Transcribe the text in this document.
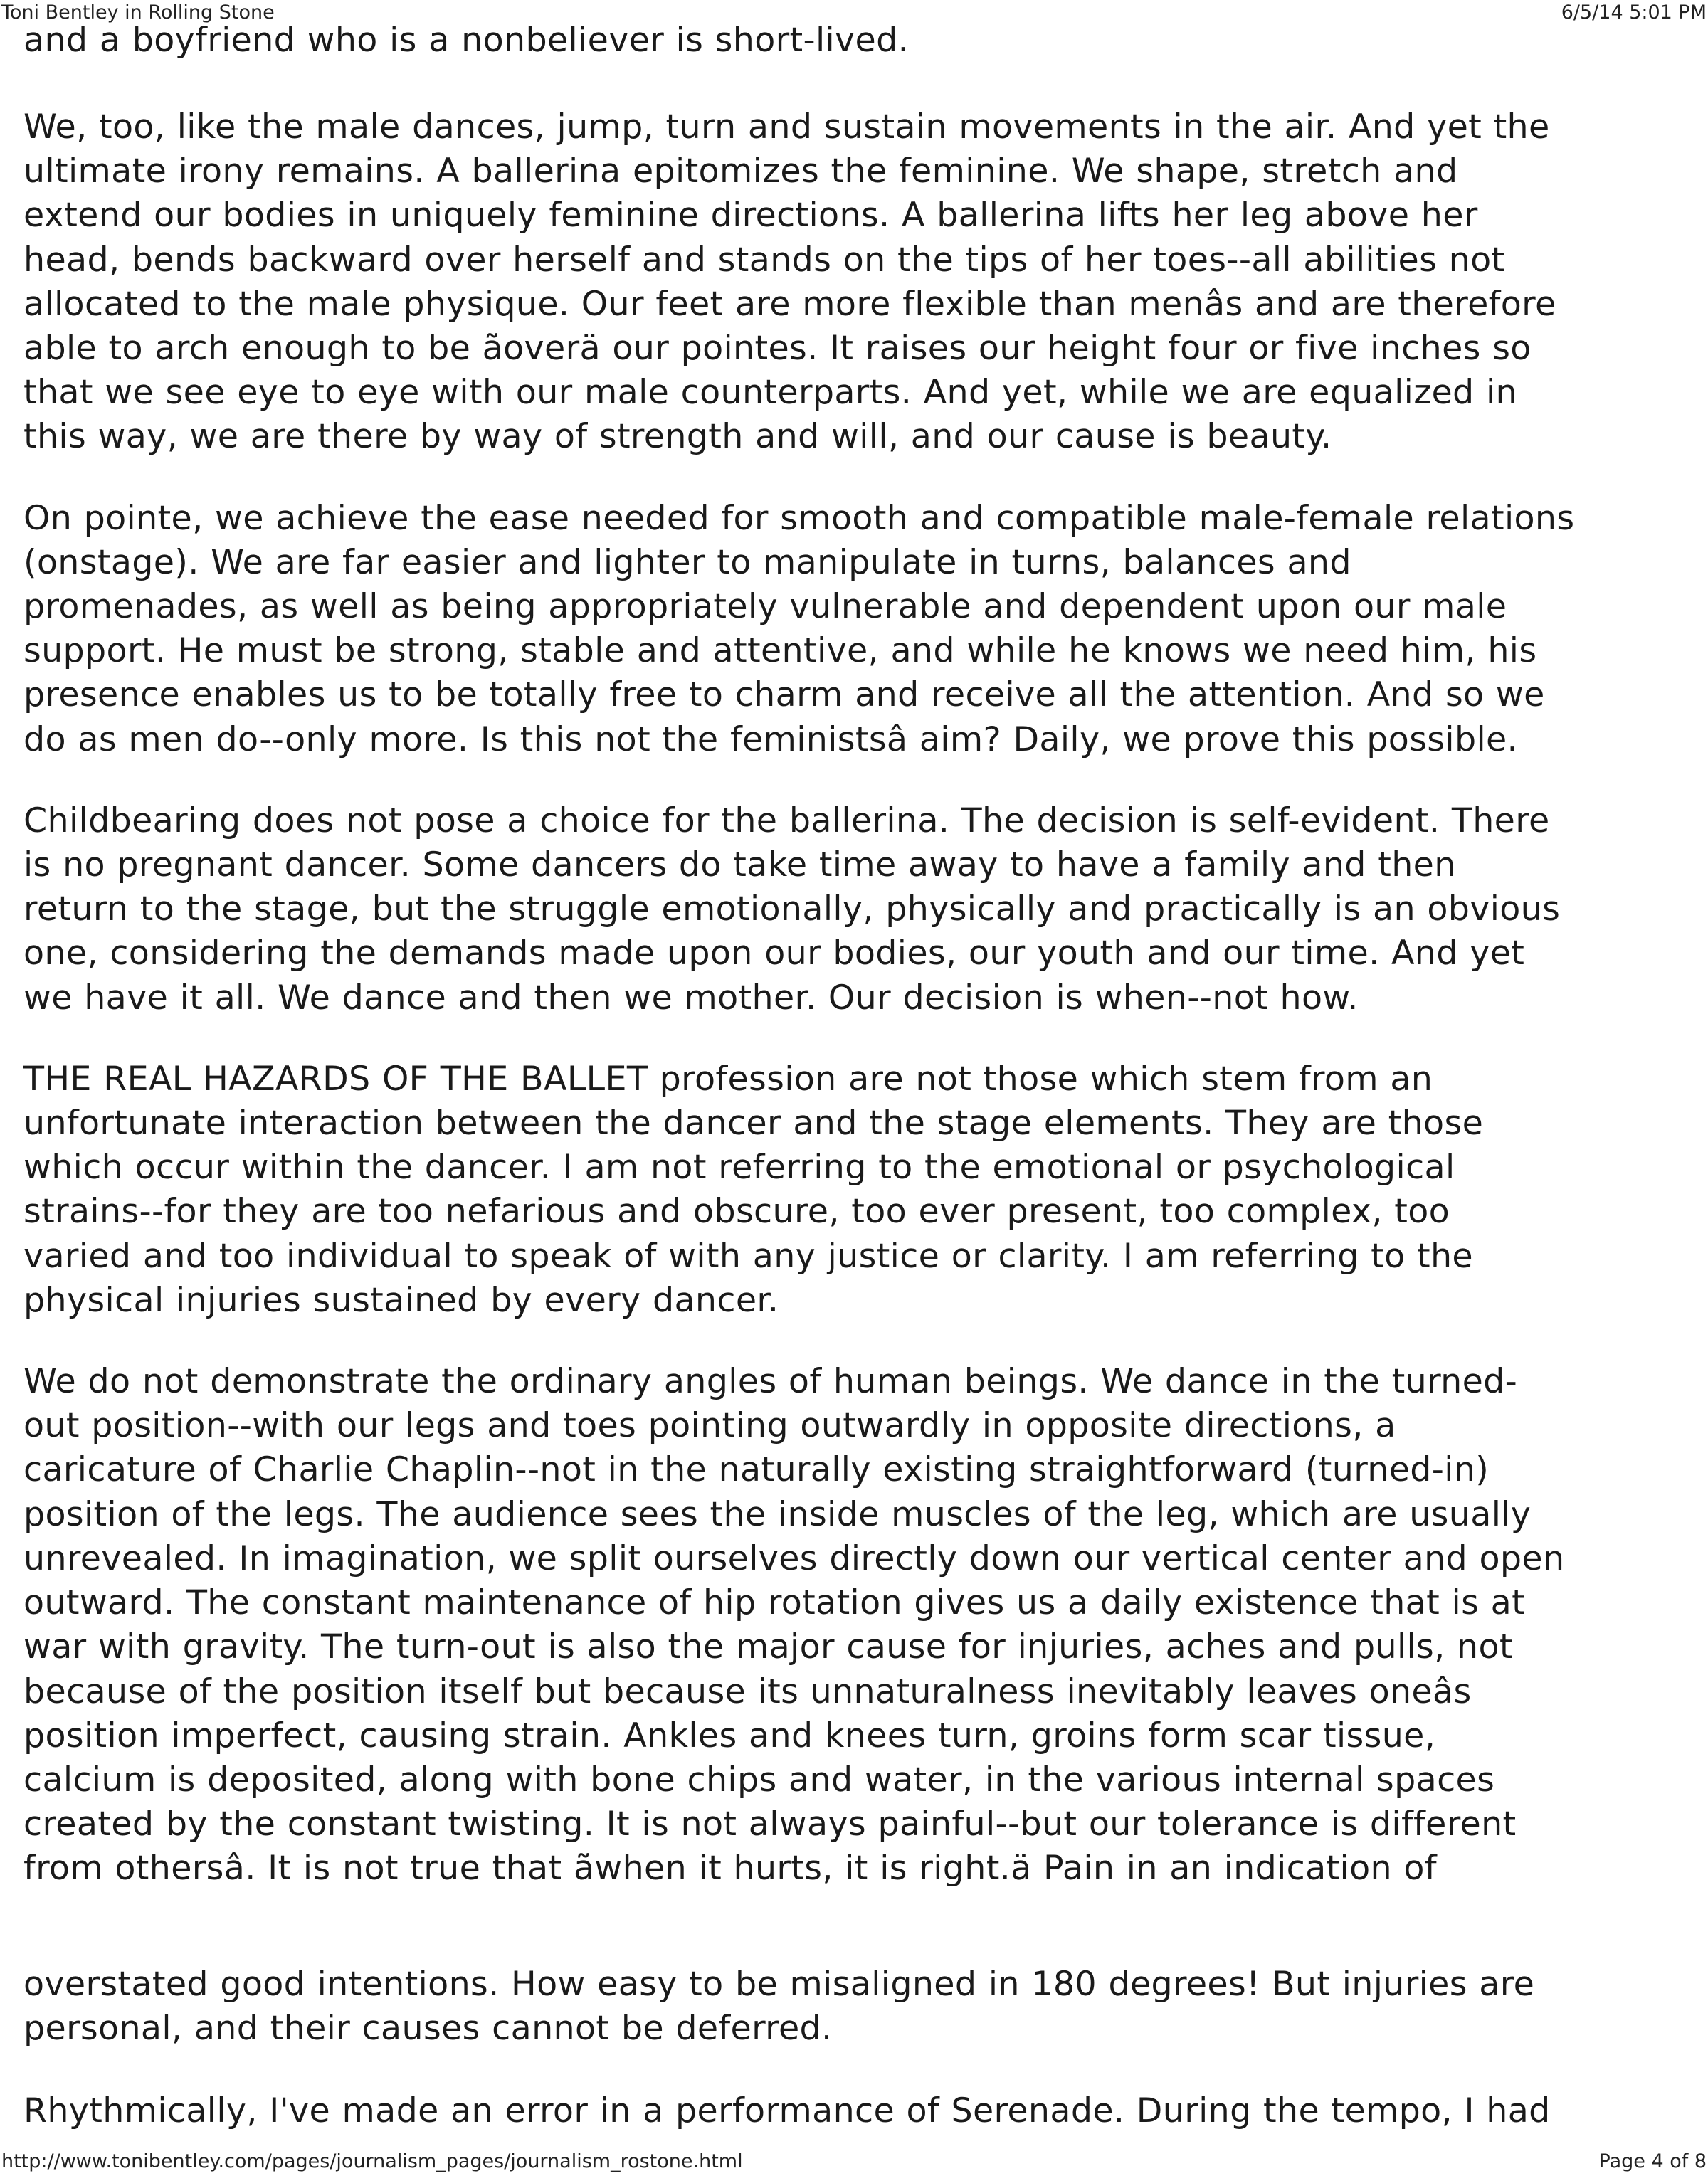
Toni Bentley in Rolling Stone	6/5/14 5:01 PM

and a boyfriend who is a nonbeliever is short-lived.

We, too, like the male dances, jump, turn and sustain movements in the air. And yet the
ultimate irony remains. A ballerina epitomizes the feminine. We shape, stretch and
extend our bodies in uniquely feminine directions. A ballerina lifts her leg above her
head, bends backward over herself and stands on the tips of her toes--all abilities not
allocated to the male physique. Our feet are more flexible than menâs and are therefore
able to arch enough to be ãoverä our pointes. It raises our height four or five inches so
that we see eye to eye with our male counterparts. And yet, while we are equalized in
this way, we are there by way of strength and will, and our cause is beauty.

On pointe, we achieve the ease needed for smooth and compatible male-female relations
(onstage). We are far easier and lighter to manipulate in turns, balances and
promenades, as well as being appropriately vulnerable and dependent upon our male
support. He must be strong, stable and attentive, and while he knows we need him, his
presence enables us to be totally free to charm and receive all the attention. And so we
do as men do--only more. Is this not the feministsâ aim? Daily, we prove this possible.

Childbearing does not pose a choice for the ballerina. The decision is self-evident. There
is no pregnant dancer. Some dancers do take time away to have a family and then
return to the stage, but the struggle emotionally, physically and practically is an obvious
one, considering the demands made upon our bodies, our youth and our time. And yet
we have it all. We dance and then we mother. Our decision is when--not how.

THE REAL HAZARDS OF THE BALLET profession are not those which stem from an
unfortunate interaction between the dancer and the stage elements. They are those
which occur within the dancer. I am not referring to the emotional or psychological
strains--for they are too nefarious and obscure, too ever present, too complex, too
varied and too individual to speak of with any justice or clarity. I am referring to the
physical injuries sustained by every dancer.

We do not demonstrate the ordinary angles of human beings. We dance in the turned-
out position--with our legs and toes pointing outwardly in opposite directions, a
caricature of Charlie Chaplin--not in the naturally existing straightforward (turned-in)
position of the legs. The audience sees the inside muscles of the leg, which are usually
unrevealed. In imagination, we split ourselves directly down our vertical center and open
outward. The constant maintenance of hip rotation gives us a daily existence that is at
war with gravity. The turn-out is also the major cause for injuries, aches and pulls, not
because of the position itself but because its unnaturalness inevitably leaves oneâs
position imperfect, causing strain. Ankles and knees turn, groins form scar tissue,
calcium is deposited, along with bone chips and water, in the various internal spaces
created by the constant twisting. It is not always painful--but our tolerance is different
from othersâ. It is not true that ãwhen it hurts, it is right.ä Pain in an indication of

overstated good intentions. How easy to be misaligned in 180 degrees! But injuries are
personal, and their causes cannot be deferred.

Rhythmically, I've made an error in a performance of Serenade. During the tempo, I had

http://www.tonibentley.com/pages/journalism_pages/journalism_rostone.html	Page 4 of 8
